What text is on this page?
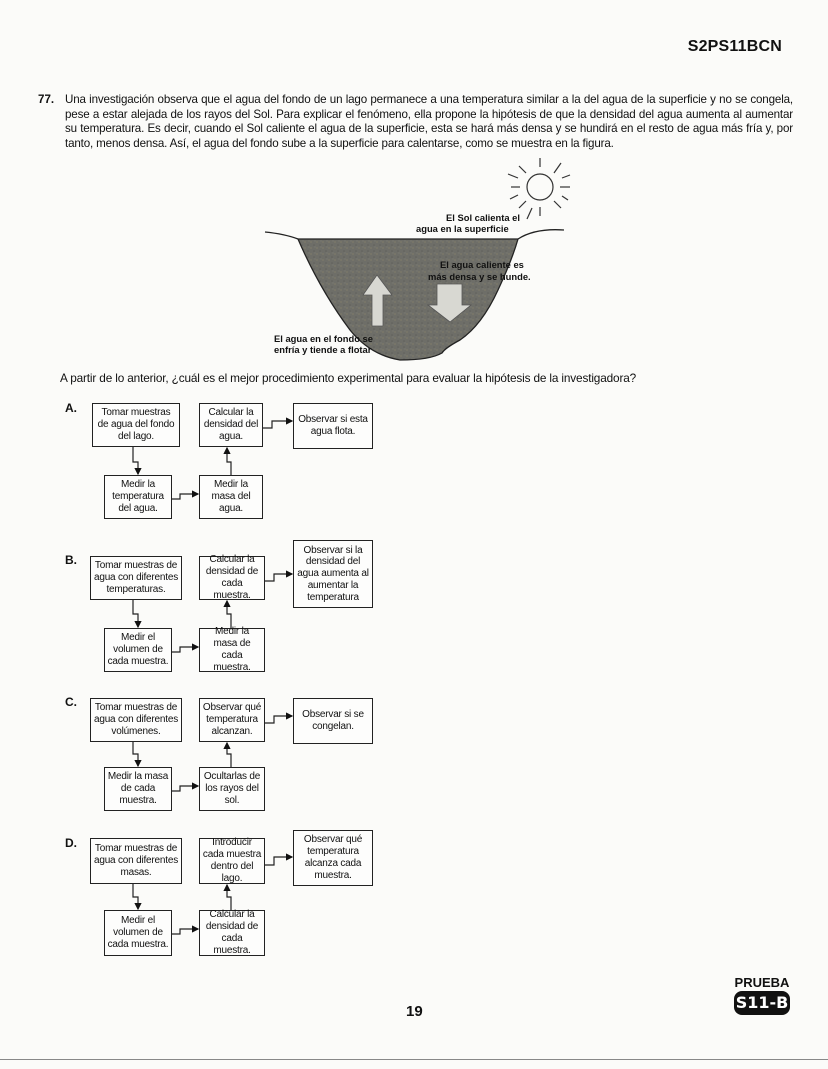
S2PS11BCN
77. Una investigación observa que el agua del fondo de un lago permanece a una temperatura similar a la del agua de la superficie y no se congela, pese a estar alejada de los rayos del Sol. Para explicar el fenómeno, ella propone la hipótesis de que la densidad del agua aumenta al aumentar su temperatura. Es decir, cuando el Sol caliente el agua de la superficie, esta se hará más densa y se hundirá en el resto de agua más fría y, por tanto, menos densa. Así, el agua del fondo sube a la superficie para calentarse, como se muestra en la figura.
El Sol calienta el
agua en la superficie
El agua caliente es
más densa y se hunde.
El agua en el fondo se
enfría y tiende a flotar
A partir de lo anterior, ¿cuál es el mejor procedimiento experimental para evaluar la hipótesis de la investigadora?
A.	Tomar muestras de agua del fondo del lago.
Medir la temperatura del agua.
Medir la masa del agua.
Calcular la densidad del agua.
Observar si esta agua flota.
B.	Tomar muestras de agua con diferentes temperaturas.
Medir el volumen de cada muestra.
Medir la masa de cada muestra.
Calcular la densidad de cada muestra.
Observar si la densidad del agua aumenta al aumentar la temperatura
C.	Tomar muestras de agua con diferentes volúmenes.
Medir la masa de cada muestra.
Ocultarlas de los rayos del sol.
Observar qué temperatura alcanzan.
Observar si se congelan.
D.	Tomar muestras de agua con diferentes masas.
Medir el volumen de cada muestra.
Calcular la densidad de cada muestra.
Introducir cada muestra dentro del lago.
Observar qué temperatura alcanza cada muestra.
19
PRUEBA
S11-B
